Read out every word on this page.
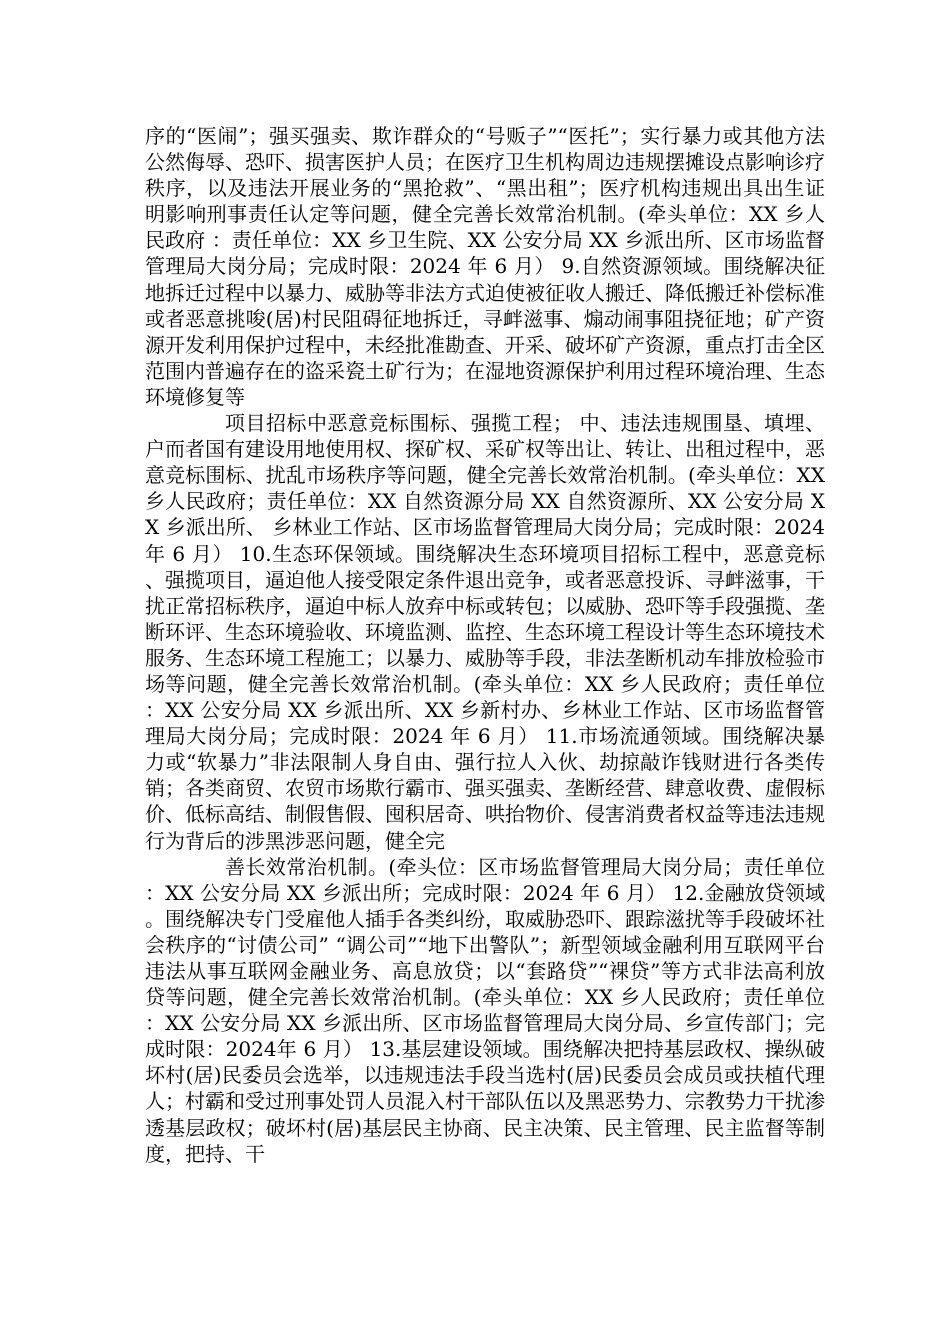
序的“医闹”；强买强卖、欺诈群众的“号贩子”“医托”；实行暴力或其他方法公然侮辱、恐吓、损害医护人员；在医疗卫生机构周边违规摆摊设点影响诊疗秩序，以及违法开展业务的“黑抢救”、“黑出租”；医疗机构违规出具出生证明影响刑事责任认定等问题，健全完善长效常治机制。(牵头单位：XX 乡人民政府 ：责任单位：XX 乡卫生院、XX 公安分局 XX 乡派出所、区市场监督管理局大岗分局；完成时限：2024 年 6 月） 9.自然资源领域。围绕解决征地拆迁过程中以暴力、威胁等非法方式迫使被征收人搬迁、降低搬迁补偿标准或者恶意挑唆(居)村民阻碍征地拆迁，寻衅滋事、煽动闹事阻挠征地；矿产资源开发利用保护过程中，未经批准勘查、开采、破坏矿产资源，重点打击全区范围内普遍存在的盗采瓷土矿行为；在湿地资源保护利用过程环境治理、生态环境修复等

项目招标中恶意竞标围标、强揽工程； 中、违法违规围垦、填埋、户而者国有建设用地使用权、探矿权、采矿权等出让、转让、出租过程中，恶意竞标围标、扰乱市场秩序等问题，健全完善长效常治机制。(牵头单位：XX 乡人民政府；责任单位：XX 自然资源分局 XX 自然资源所、XX 公安分局 XX 乡派出所、 乡林业工作站、区市场监督管理局大岗分局；完成时限：2024 年 6 月） 10.生态环保领域。围绕解决生态环境项目招标工程中，恶意竞标、强揽项目，逼迫他人接受限定条件退出竞争，或者恶意投诉、寻衅滋事，干扰正常招标秩序，逼迫中标人放弃中标或转包；以威胁、恐吓等手段强揽、垄断环评、生态环境验收、环境监测、监控、生态环境工程设计等生态环境技术服务、生态环境工程施工；以暴力、威胁等手段，非法垄断机动车排放检验市场等问题，健全完善长效常治机制。(牵头单位：XX 乡人民政府；责任单位：XX 公安分局 XX 乡派出所、XX 乡新村办、乡林业工作站、区市场监督管理局大岗分局；完成时限：2024 年 6 月） 11.市场流通领域。围绕解决暴力或“软暴力”非法限制人身自由、强行拉人入伙、劫掠敲诈钱财进行各类传销；各类商贸、农贸市场欺行霸市、强买强卖、垄断经营、肆意收费、虚假标价、低标高结、制假售假、囤积居奇、哄抬物价、侵害消费者权益等违法违规行为背后的涉黑涉恶问题，健全完

善长效常治机制。(牵头位：区市场监督管理局大岗分局；责任单位：XX 公安分局 XX 乡派出所；完成时限：2024 年 6 月） 12.金融放贷领域。围绕解决专门受雇他人插手各类纠纷，取威胁恐吓、跟踪滋扰等手段破坏社会秩序的“讨债公司” “调公司”“地下出警队”；新型领域金融利用互联网平台违法从事互联网金融业务、高息放贷；以“套路贷”“裸贷”等方式非法高利放贷等问题，健全完善长效常治机制。(牵头单位：XX 乡人民政府；责任单位：XX 公安分局 XX 乡派出所、区市场监督管理局大岗分局、乡宣传部门；完成时限：2024年 6 月） 13.基层建设领域。围绕解决把持基层政权、操纵破坏村(居)民委员会选举，以违规违法手段当选村(居)民委员会成员或扶植代理人；村霸和受过刑事处罚人员混入村干部队伍以及黑恶势力、宗教势力干扰渗透基层政权；破坏村(居)基层民主协商、民主决策、民主管理、民主监督等制度，把持、干
